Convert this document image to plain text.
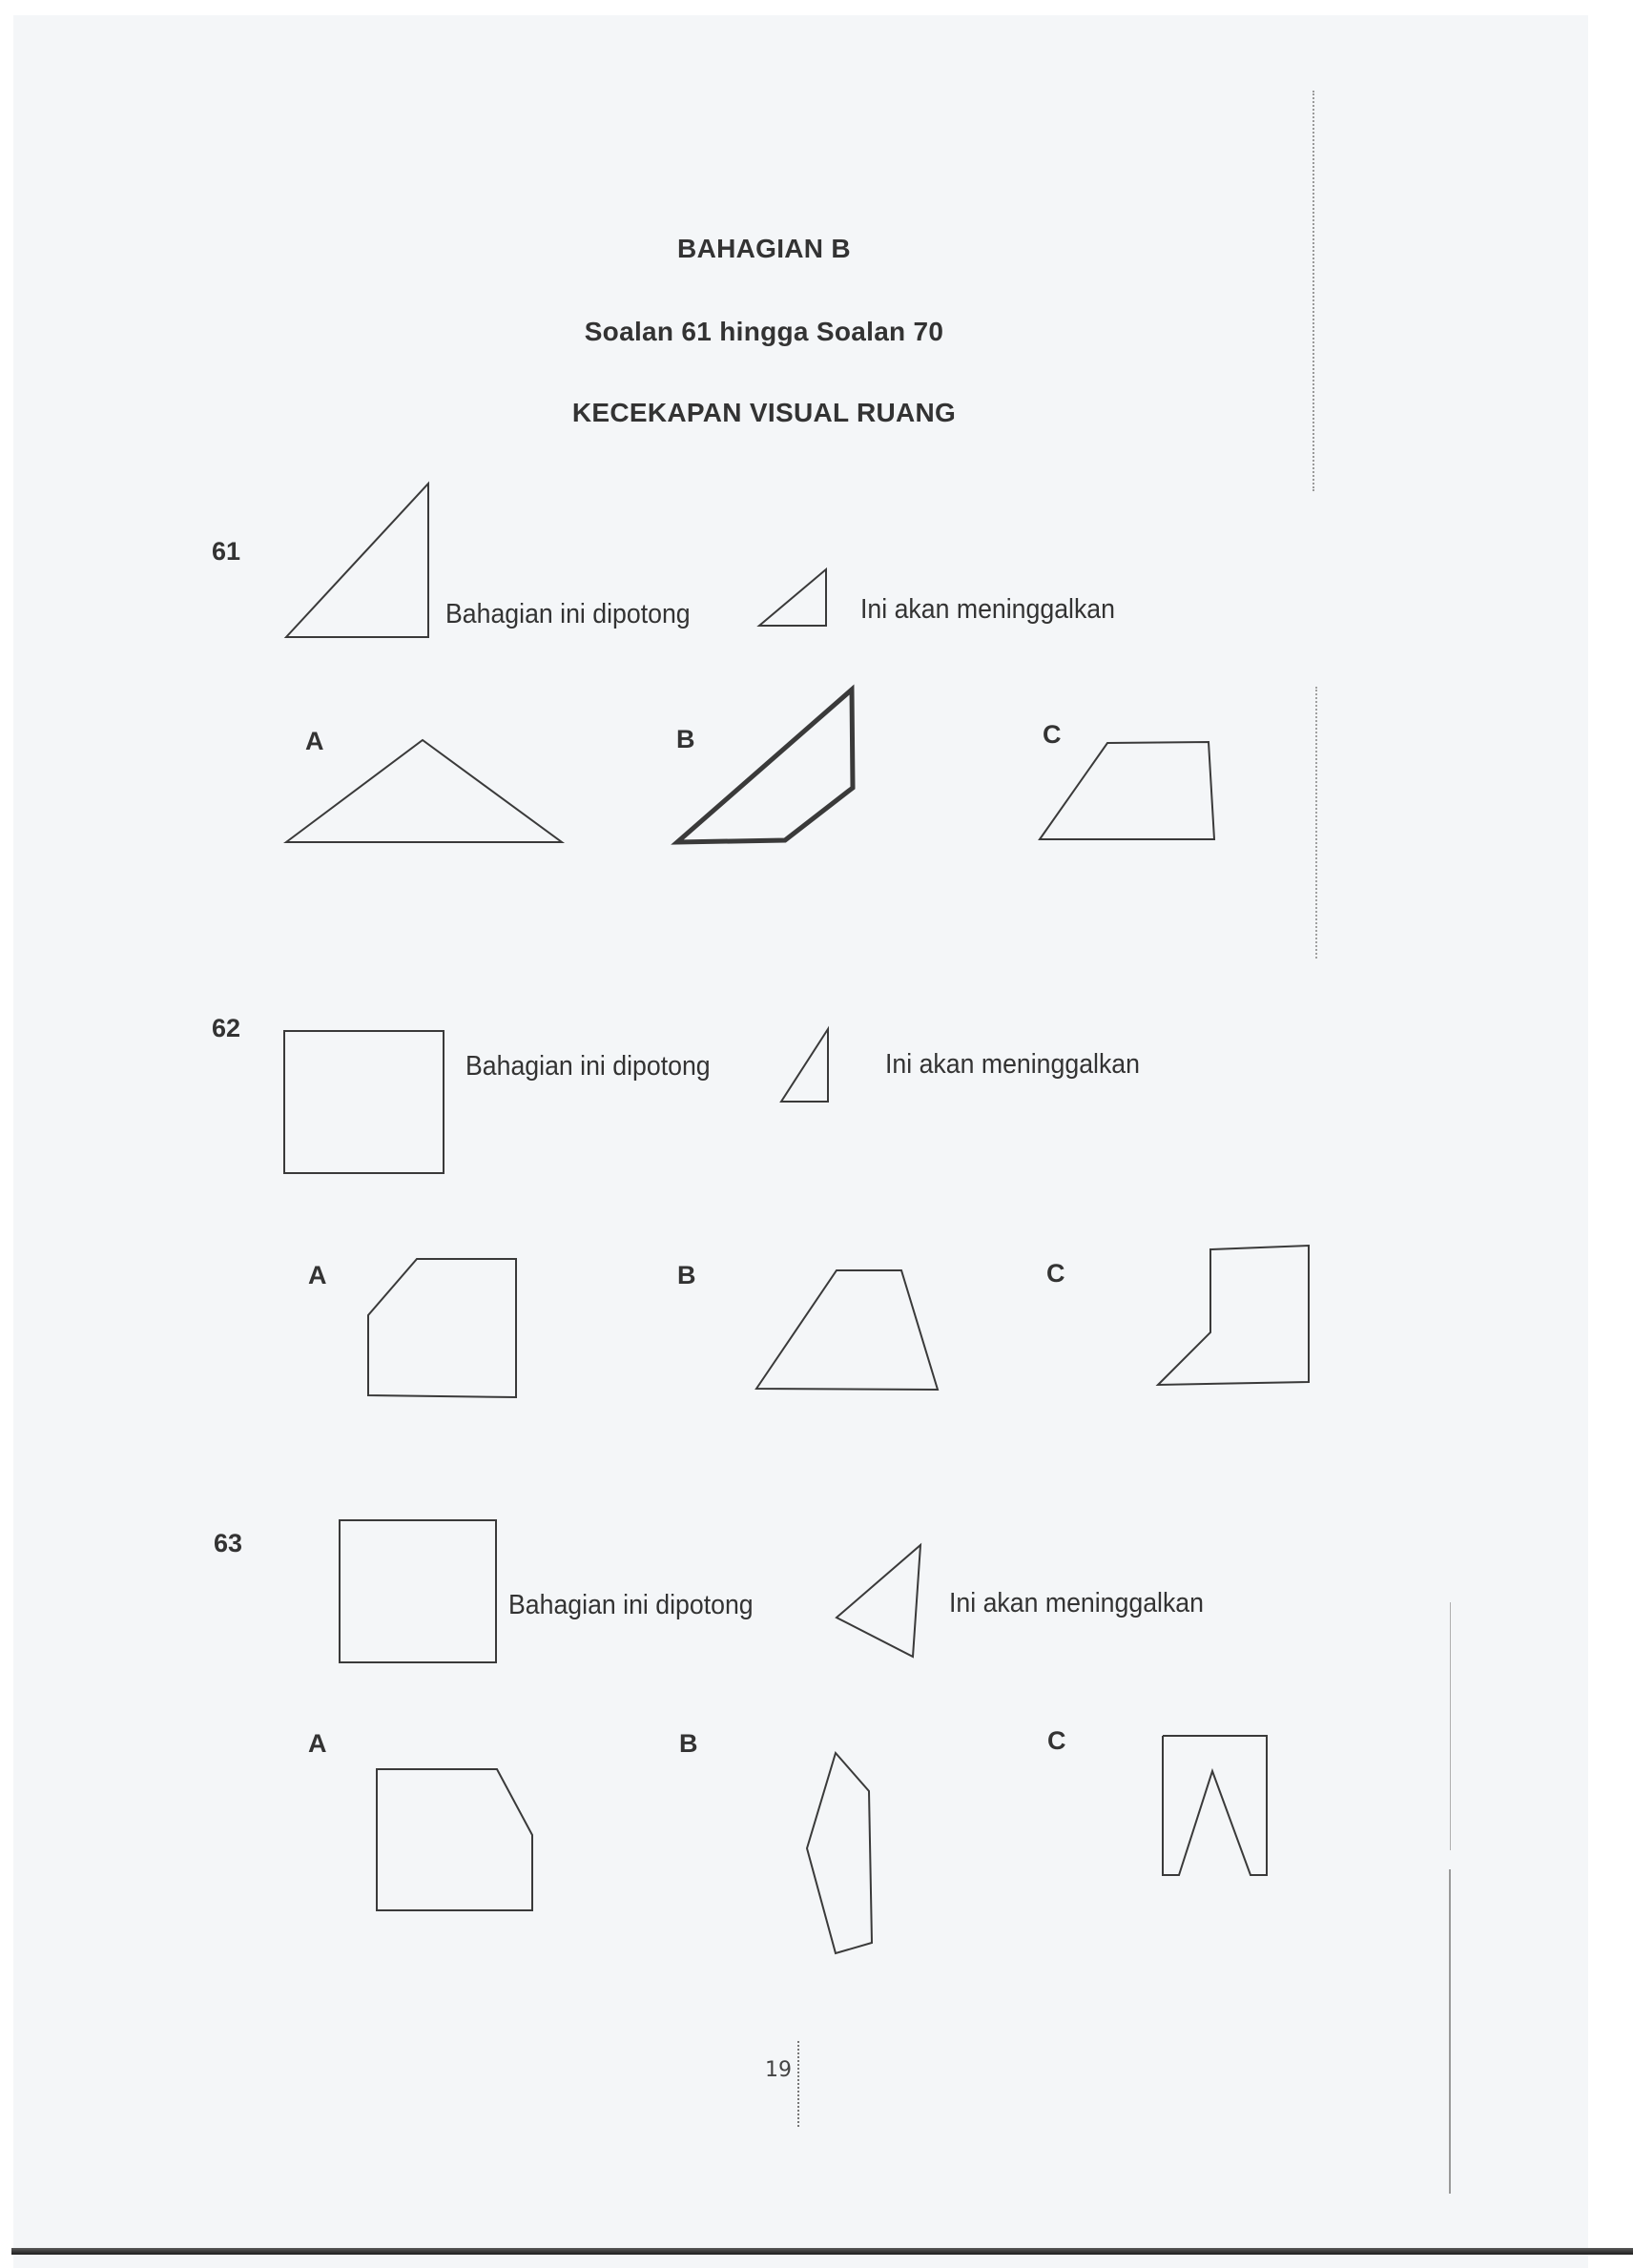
BAHAGIAN B
Soalan 61 hingga Soalan 70
KECEKAPAN VISUAL RUANG
61
Bahagian ini dipotong	Ini akan meninggalkan
A	B	C
62
Bahagian ini dipotong	Ini akan meninggalkan
A	B	C
63
Bahagian ini dipotong	Ini akan meninggalkan
A	B	C
19
